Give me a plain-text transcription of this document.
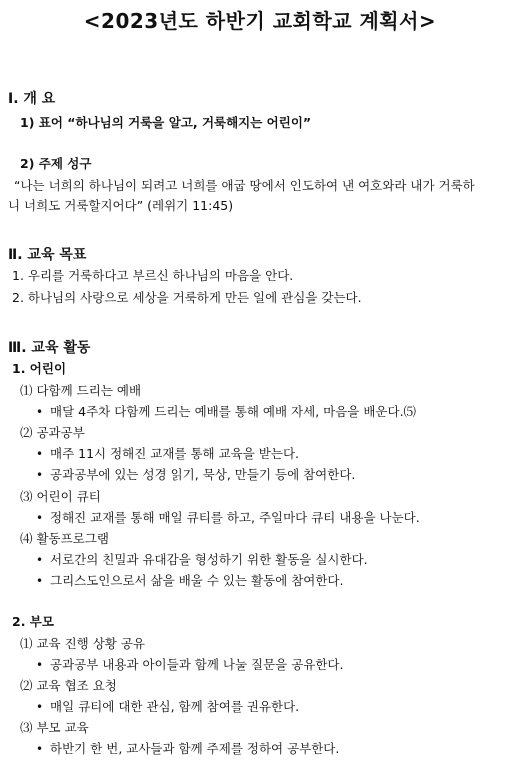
<2023년도 하반기 교회학교 계획서>
Ⅰ. 개 요
1) 표어 “하나님의 거룩을 알고, 거룩해지는 어린이”
2) 주제 성구
“나는 너희의 하나님이 되려고 너희를 애굽 땅에서 인도하여 낸 여호와라 내가 거룩하
니 너희도 거룩할지어다” (레위기 11:45)
Ⅱ. 교육 목표
1. 우리를 거룩하다고 부르신 하나님의 마음을 안다.
2. 하나님의 사랑으로 세상을 거룩하게 만든 일에 관심을 갖는다.
Ⅲ. 교육 활동
1. 어린이
⑴ 다함께 드리는 예배
• 매달 4주차 다함께 드리는 예배를 통해 예배 자세, 마음을 배운다.⑸
⑵ 공과공부
• 매주 11시 정해진 교재를 통해 교육을 받는다.
• 공과공부에 있는 성경 읽기, 묵상, 만들기 등에 참여한다.
⑶ 어린이 큐티
• 정해진 교재를 통해 매일 큐티를 하고, 주일마다 큐티 내용을 나눈다.
⑷ 활동프로그램
• 서로간의 친밀과 유대감을 형성하기 위한 활동을 실시한다.
• 그리스도인으로서 삶을 배울 수 있는 활동에 참여한다.
2. 부모
⑴ 교육 진행 상황 공유
• 공과공부 내용과 아이들과 함께 나눌 질문을 공유한다.
⑵ 교육 협조 요청
• 매일 큐티에 대한 관심, 함께 참여를 권유한다.
⑶ 부모 교육
• 하반기 한 번, 교사들과 함께 주제를 정하여 공부한다.
